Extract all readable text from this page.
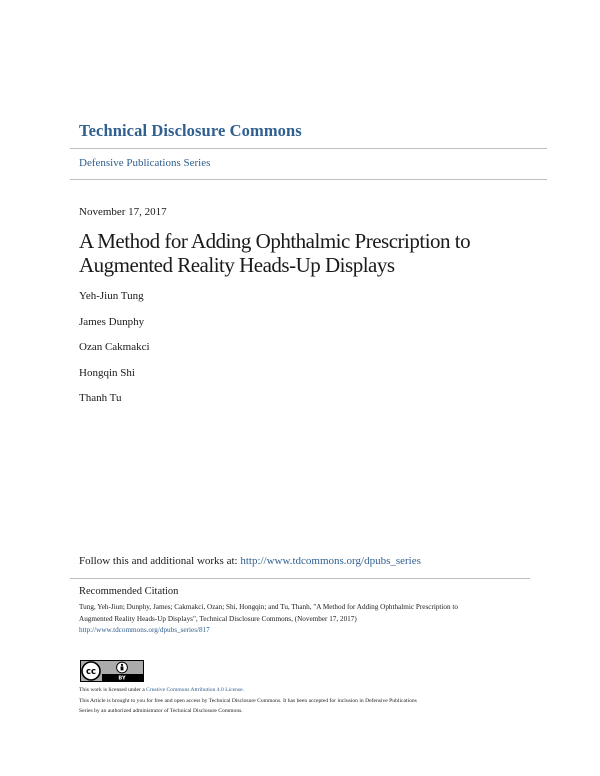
Technical Disclosure Commons
Defensive Publications Series
November 17, 2017
A Method for Adding Ophthalmic Prescription to
Augmented Reality Heads-Up Displays
Yeh-Jiun Tung
James Dunphy
Ozan Cakmakci
Hongqin Shi
Thanh Tu
Follow this and additional works at: http://www.tdcommons.org/dpubs_series
Recommended Citation
Tung, Yeh-Jiun; Dunphy, James; Cakmakci, Ozan; Shi, Hongqin; and Tu, Thanh, "A Method for Adding Ophthalmic Prescription to
Augmented Reality Heads-Up Displays", Technical Disclosure Commons, (November 17, 2017)
http://www.tdcommons.org/dpubs_series/817
cc
BY
This work is licensed under a Creative Commons Attribution 4.0 License.
This Article is brought to you for free and open access by Technical Disclosure Commons. It has been accepted for inclusion in Defensive Publications
Series by an authorized administrator of Technical Disclosure Commons.
